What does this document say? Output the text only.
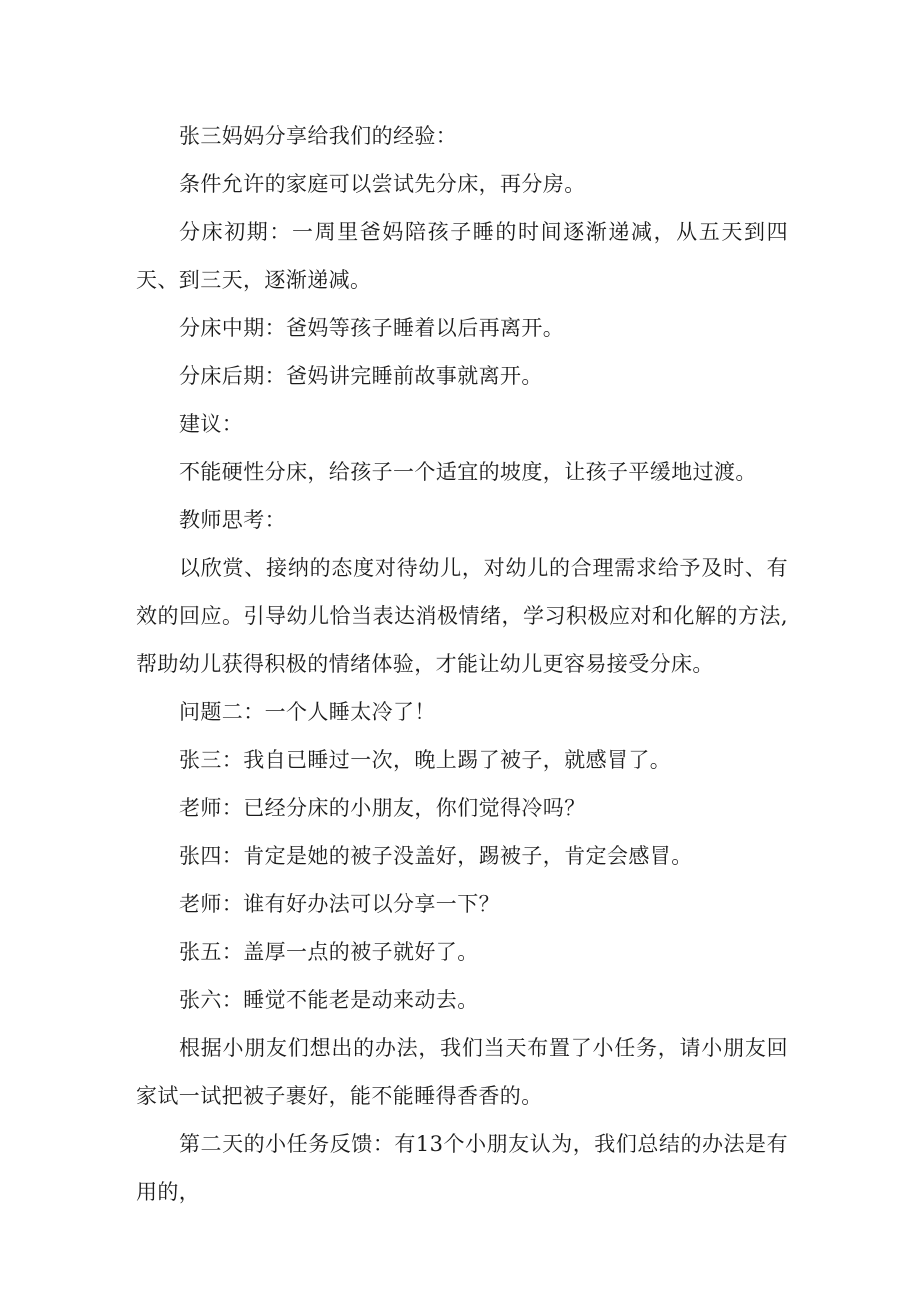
张三妈妈分享给我们的经验：

条件允许的家庭可以尝试先分床，再分房。

分床初期：一周里爸妈陪孩子睡的时间逐渐递减，从五天到四天、到三天，逐渐递减。

分床中期：爸妈等孩子睡着以后再离开。

分床后期：爸妈讲完睡前故事就离开。

建议：

不能硬性分床，给孩子一个适宜的坡度，让孩子平缓地过渡。

教师思考：

以欣赏、接纳的态度对待幼儿，对幼儿的合理需求给予及时、有效的回应。引导幼儿恰当表达消极情绪，学习积极应对和化解的方法,帮助幼儿获得积极的情绪体验，才能让幼儿更容易接受分床。

问题二：一个人睡太冷了！

张三：我自已睡过一次，晚上踢了被子，就感冒了。

老师：已经分床的小朋友，你们觉得冷吗？

张四：肯定是她的被子没盖好，踢被子，肯定会感冒。

老师：谁有好办法可以分享一下？

张五：盖厚一点的被子就好了。

张六：睡觉不能老是动来动去。

根据小朋友们想出的办法，我们当天布置了小任务，请小朋友回家试一试把被子裹好，能不能睡得香香的。

第二天的小任务反馈：有13个小朋友认为，我们总结的办法是有用的，
